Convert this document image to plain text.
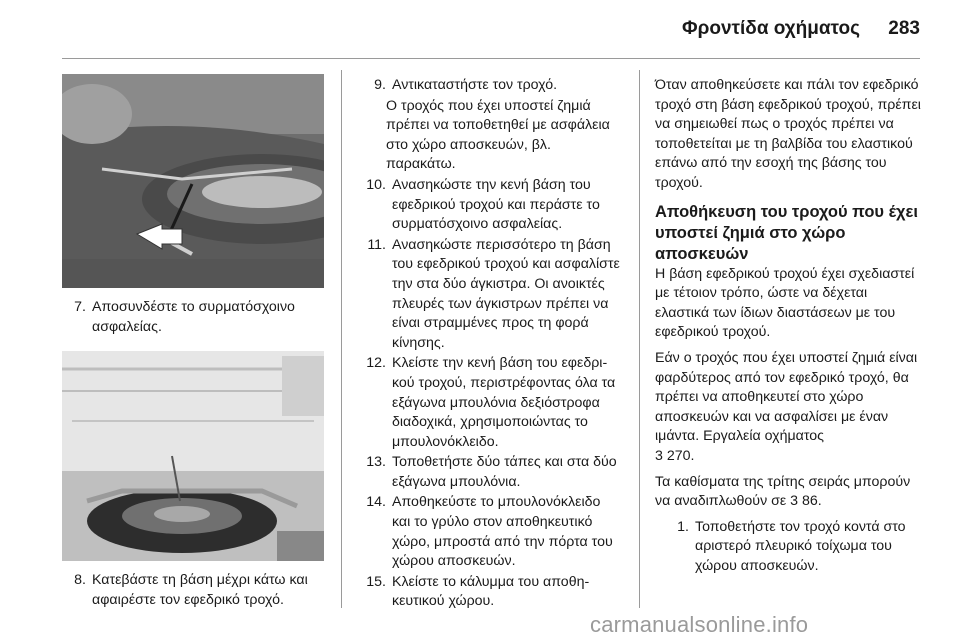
Φροντίδα οχήματος	283
7. Αποσυνδέστε το συρματόσχοινο ασφαλείας.
8. Κατεβάστε τη βάση μέχρι κάτω και αφαιρέστε τον εφεδρικό τροχό.
9. Αντικαταστήστε τον τροχό.
Ο τροχός που έχει υποστεί ζημιά πρέπει να τοποθετηθεί με ασφάλεια στο χώρο αποσκευών, βλ. παρακάτω.
10. Ανασηκώστε την κενή βάση του εφεδρικού τροχού και περάστε το συρματόσχοινο ασφαλείας.
11. Ανασηκώστε περισσότερο τη βάση του εφεδρικού τροχού και ασφαλίστε την στα δύο άγκιστρα. Οι ανοικτές πλευρές των άγκιστρων πρέπει να είναι στραμμένες προς τη φορά κίνησης.
12. Κλείστε την κενή βάση του εφεδρικού τροχού, περιστρέφοντας όλα τα εξάγωνα μπουλόνια δεξιόστροφα διαδοχικά, χρησιμοποιώντας το μπουλονόκλειδο.
13. Τοποθετήστε δύο τάπες και στα δύο εξάγωνα μπουλόνια.
14. Αποθηκεύστε το μπουλονόκλειδο και το γρύλο στον αποθηκευτικό χώρο, μπροστά από την πόρτα του χώρου αποσκευών.
15. Κλείστε το κάλυμμα του αποθηκευτικού χώρου.
Όταν αποθηκεύσετε και πάλι τον εφεδρικό τροχό στη βάση εφεδρικού τροχού, πρέπει να σημειωθεί πως ο τροχός πρέπει να τοποθετείται με τη βαλβίδα του ελαστικού επάνω από την εσοχή της βάσης του τροχού.
Αποθήκευση του τροχού που έχει υποστεί ζημιά στο χώρο αποσκευών
Η βάση εφεδρικού τροχού έχει σχεδιαστεί με τέτοιον τρόπο, ώστε να δέχεται ελαστικά των ίδιων διαστάσεων με του εφεδρικού τροχού.
Εάν ο τροχός που έχει υποστεί ζημιά είναι φαρδύτερος από τον εφεδρικό τροχό, θα πρέπει να αποθηκευτεί στο χώρο αποσκευών και να ασφαλίσει με έναν ιμάντα. Εργαλεία οχήματος
3 270.
Τα καθίσματα της τρίτης σειράς μπορούν να αναδιπλωθούν σε 3 86.
1. Τοποθετήστε τον τροχό κοντά στο αριστερό πλευρικό τοίχωμα του χώρου αποσκευών.
carmanualsonline.info
